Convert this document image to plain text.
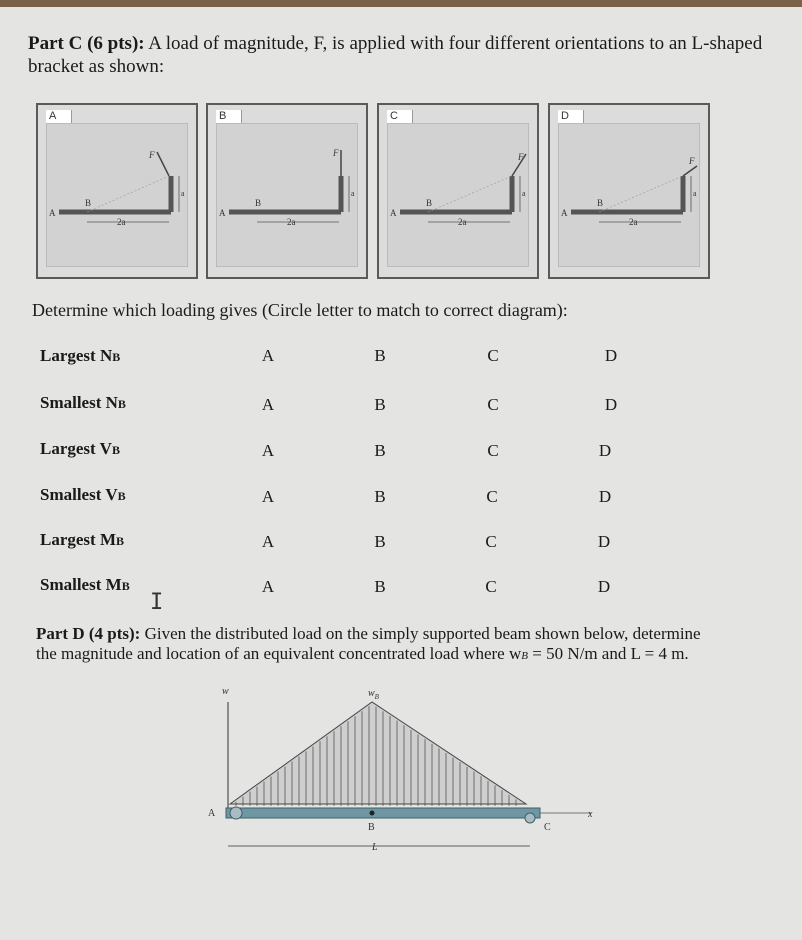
Part C (6 pts): A load of magnitude, F, is applied with four different orientations to an L-shaped
bracket as shown:
A
A
B
2a
a
F
B
A
B
2a
a
F
C
A
B
2a
a
F
D
A
B
2a
a
F
Determine which loading gives (Circle letter to match to correct diagram):
Largest NB	A	B	C	D
Smallest NB	A	B	C	D
Largest VB	A	B	C	D
Smallest VB	A	B	C	D
Largest MB	A	B	C	D
Smallest MB	A	B	C	D
I
Part D (4 pts): Given the distributed load on the simply supported beam shown below, determine
the magnitude and location of an equivalent concentrated load where wB = 50 N/m and L = 4 m.
w	$w_B$
x
A
B	C
L
